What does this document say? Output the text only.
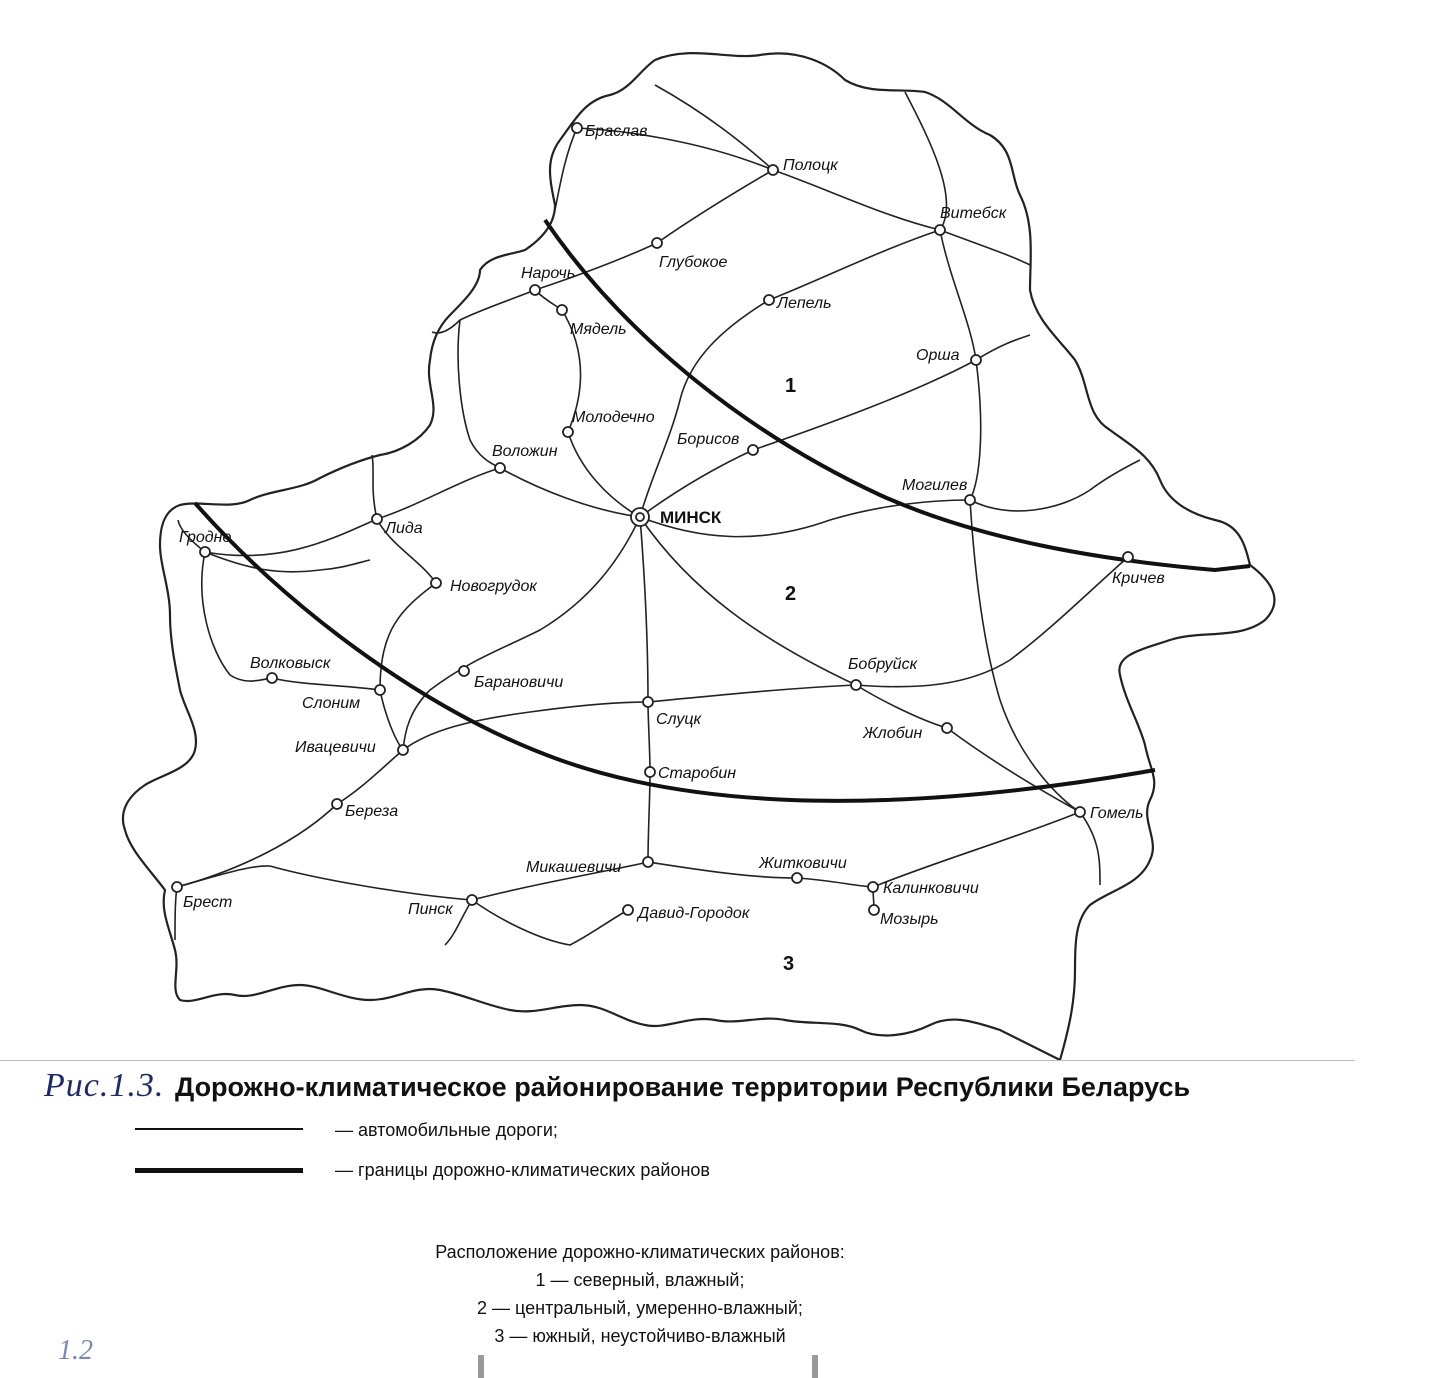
Браслав
Полоцк
Витебск
Глубокое
Нарочь
Мядель
Лепель
Орша
Молодечно
Борисов
Воложин
Могилев
МИНСК
Гродно
Лида
Новогрудок	Кричев
Волковыск
Слоним
Барановичи
Бобруйск
Слуцк
Жлобин
Ивацевичи
Старобин
Береза	Гомель
Микашевичи	Житковичи
Калинковичи
Мозырь
Брест	Пинск	Давид-Городок
1
2
3
Рис.1.3. Дорожно-климатическое районирование территории Республики Беларусь
— автомобильные дороги;
— границы дорожно-климатических районов
Расположение дорожно-климатических районов:
1 — северный, влажный;
2 — центральный, умеренно-влажный;
3 — южный, неустойчиво-влажный
1.2
